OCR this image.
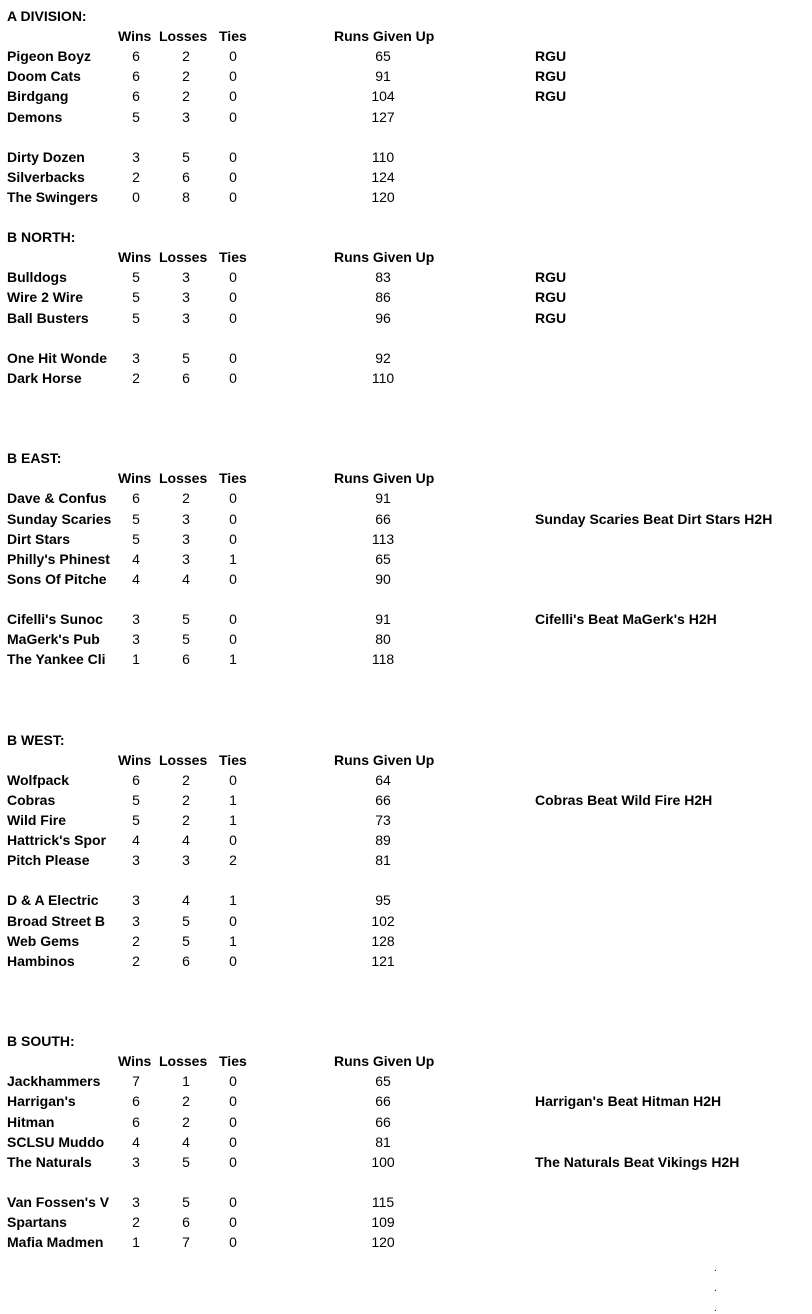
A DIVISION:
Wins Losses Ties	Runs Given Up
Pigeon Boyz	6	2	0	65	RGU
Doom Cats	6	2	0	91	RGU
Birdgang	6	2	0	104	RGU
Demons	5	3	0	127
Dirty Dozen	3	5	0	110
Silverbacks	2	6	0	124
The Swingers	0	8	0	120
B NORTH:
Wins Losses Ties	Runs Given Up
Bulldogs	5	3	0	83	RGU
Wire 2 Wire	5	3	0	86	RGU
Ball Busters	5	3	0	96	RGU
One Hit Wonde	3	5	0	92
Dark Horse	2	6	0	110
B EAST:
Wins Losses Ties	Runs Given Up
Dave & Confus	6	2	0	91
Sunday Scaries	5	3	0	66	Sunday Scaries Beat Dirt Stars H2H
Dirt Stars	5	3	0	113
Philly's Phinest	4	3	1	65
Sons Of Pitche	4	4	0	90
Cifelli's Sunoc	3	5	0	91	Cifelli's Beat MaGerk's H2H
MaGerk's Pub	3	5	0	80
The Yankee Cli	1	6	1	118
B WEST:
Wins Losses Ties	Runs Given Up
Wolfpack	6	2	0	64
Cobras	5	2	1	66	Cobras Beat Wild Fire H2H
Wild Fire	5	2	1	73
Hattrick's Spor	4	4	0	89
Pitch Please	3	3	2	81
D & A Electric	3	4	1	95
Broad Street B	3	5	0	102
Web Gems	2	5	1	128
Hambinos	2	6	0	121
B SOUTH:
Wins Losses Ties	Runs Given Up
Jackhammers	7	1	0	65
Harrigan's	6	2	0	66	Harrigan's Beat Hitman H2H
Hitman	6	2	0	66
SCLSU Muddo	4	4	0	81
The Naturals	3	5	0	100	The Naturals Beat Vikings H2H
Van Fossen's V	3	5	0	115
Spartans	2	6	0	109
Mafia Madmen	1	7	0	120
.
.
.
